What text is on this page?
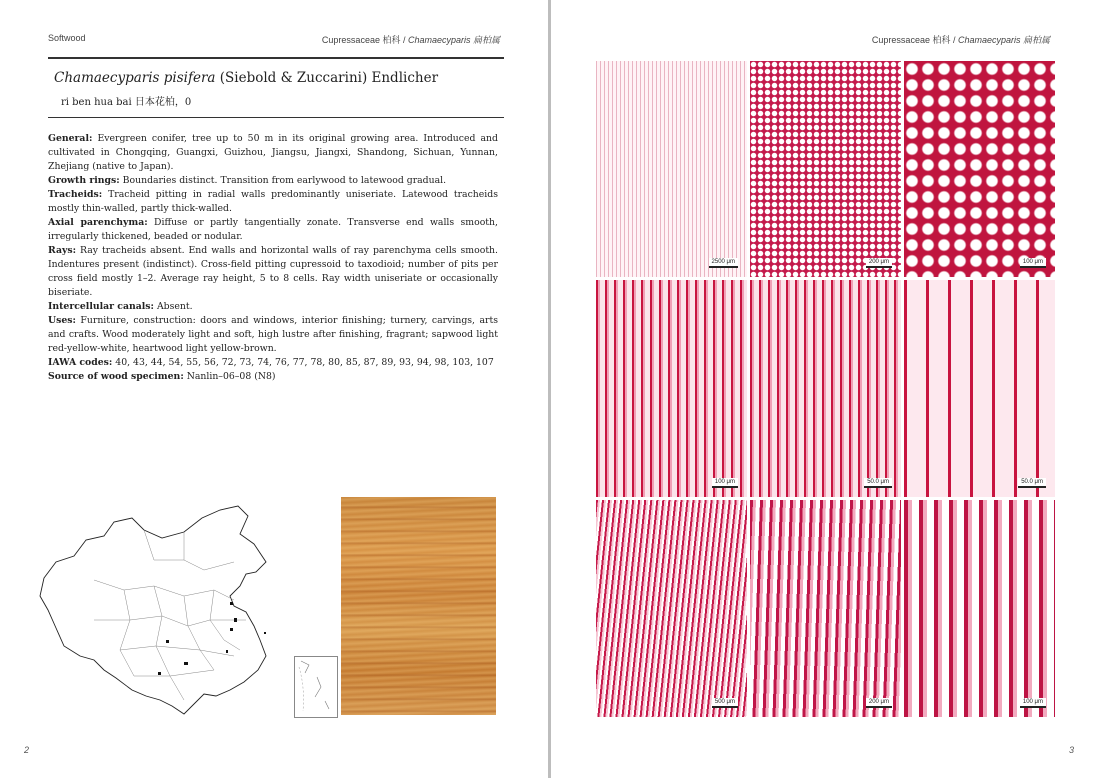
Softwood	Cupressaceae 柏科 / Chamaecyparis 扁柏属
Chamaecyparis pisifera (Siebold & Zuccarini) Endlicher
ri ben hua bai 日本花柏，0

General: Evergreen conifer, tree up to 50 m in its original growing area. Introduced and cultivated in Chongqing, Guangxi, Guizhou, Jiangsu, Jiangxi, Shandong, Sichuan, Yunnan, Zhejiang (native to Japan).

Growth rings: Boundaries distinct. Transition from earlywood to latewood gradual.

Tracheids: Tracheid pitting in radial walls predominantly uniseriate. Latewood tracheids mostly thin-walled, partly thick-walled.

Axial parenchyma: Diffuse or partly tangentially zonate. Transverse end walls smooth, irregularly thickened, beaded or nodular.

Rays: Ray tracheids absent. End walls and horizontal walls of ray parenchyma cells smooth. Indentures present (indistinct). Cross-field pitting cupressoid to taxodioid; number of pits per cross field mostly 1–2. Average ray height, 5 to 8 cells. Ray width uniseriate or occasionally biseriate.

Intercellular canals: Absent.

Uses: Furniture, construction: doors and windows, interior finishing; turnery, carvings, arts and crafts. Wood moderately light and soft, high lustre after finishing, fragrant; sapwood light red-yellow-white, heartwood light yellow-brown.

IAWA codes: 40, 43, 44, 54, 55, 56, 72, 73, 74, 76, 77, 78, 80, 85, 87, 89, 93, 94, 98, 103, 107

Source of wood specimen: Nanlin–06–08 (N8)

2
Cupressaceae 柏科 / Chamaecyparis 扁柏属
2500 μm	200 μm	100 μm
100 μm	50.0 μm	50.0 μm
500 μm	200 μm	100 μm
3
